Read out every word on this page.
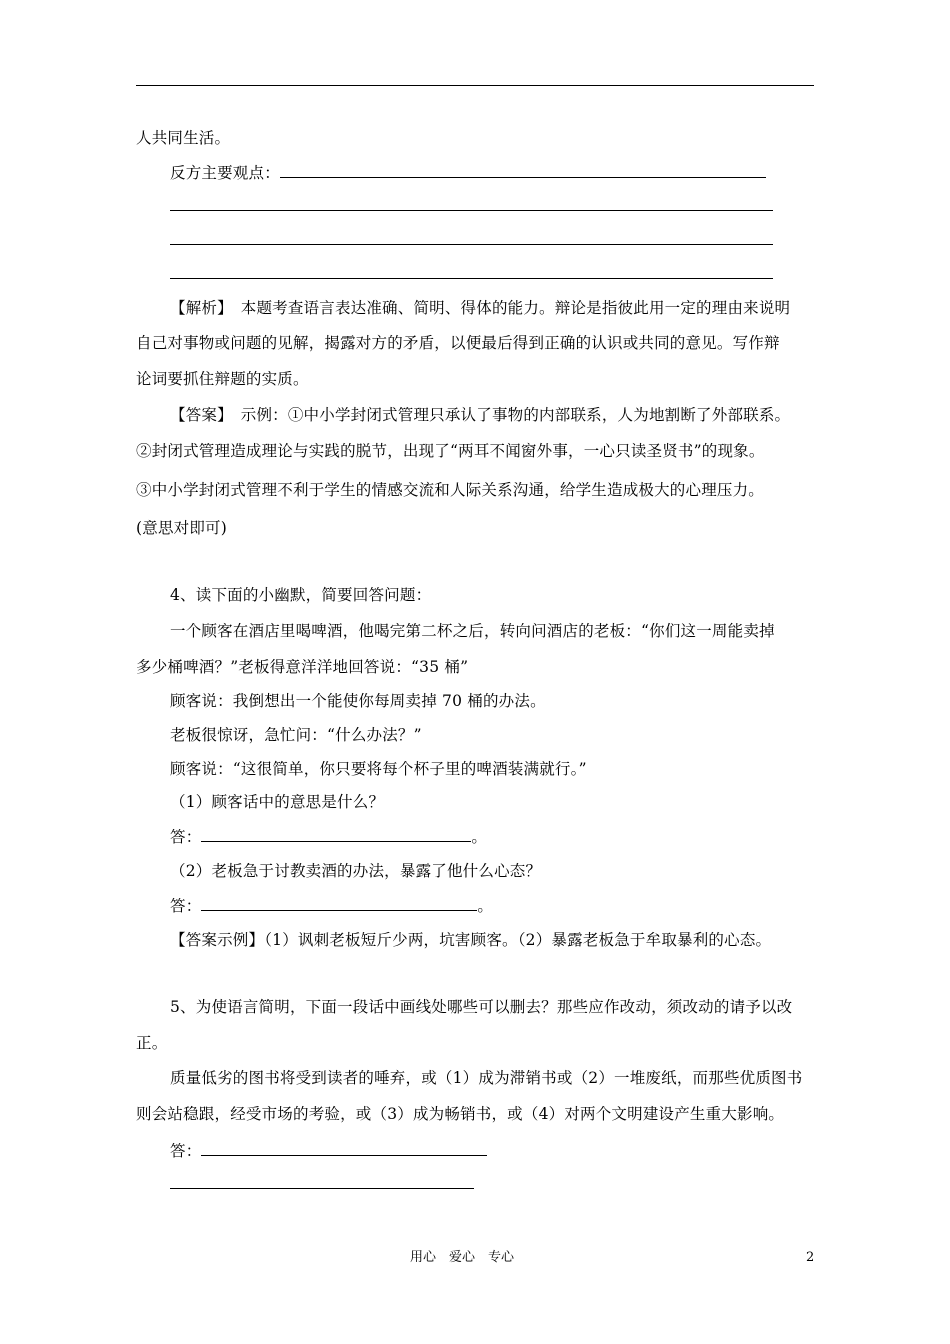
人共同生活。
反方主要观点：
【解析】　本题考查语言表达准确、简明、得体的能力。辩论是指彼此用一定的理由来说明
自己对事物或问题的见解，揭露对方的矛盾，以便最后得到正确的认识或共同的意见。写作辩
论词要抓住辩题的实质。
【答案】　示例：①中小学封闭式管理只承认了事物的内部联系，人为地割断了外部联系。
②封闭式管理造成理论与实践的脱节，出现了“两耳不闻窗外事，一心只读圣贤书”的现象。
③中小学封闭式管理不利于学生的情感交流和人际关系沟通，给学生造成极大的心理压力。
(意思对即可)
4、读下面的小幽默，简要回答问题：
一个顾客在酒店里喝啤酒，他喝完第二杯之后，转向问酒店的老板：“你们这一周能卖掉
多少桶啤酒？”老板得意洋洋地回答说：“35 桶”
顾客说：我倒想出一个能使你每周卖掉 70 桶的办法。
老板很惊讶，急忙问：“什么办法？”
顾客说：“这很简单，你只要将每个杯子里的啤酒装满就行。”
（1）顾客话中的意思是什么？
答：	。
（2）老板急于讨教卖酒的办法，暴露了他什么心态？
答：	。
【答案示例】（1）讽刺老板短斤少两，坑害顾客。（2）暴露老板急于牟取暴利的心态。
5、为使语言简明，下面一段话中画线处哪些可以删去？那些应作改动，须改动的请予以改
正。
质量低劣的图书将受到读者的唾弃，或（1）成为滞销书或（2）一堆废纸，而那些优质图书
则会站稳跟，经受市场的考验，或（3）成为畅销书，或（4）对两个文明建设产生重大影响。
答：
用心　爱心　专心	2
